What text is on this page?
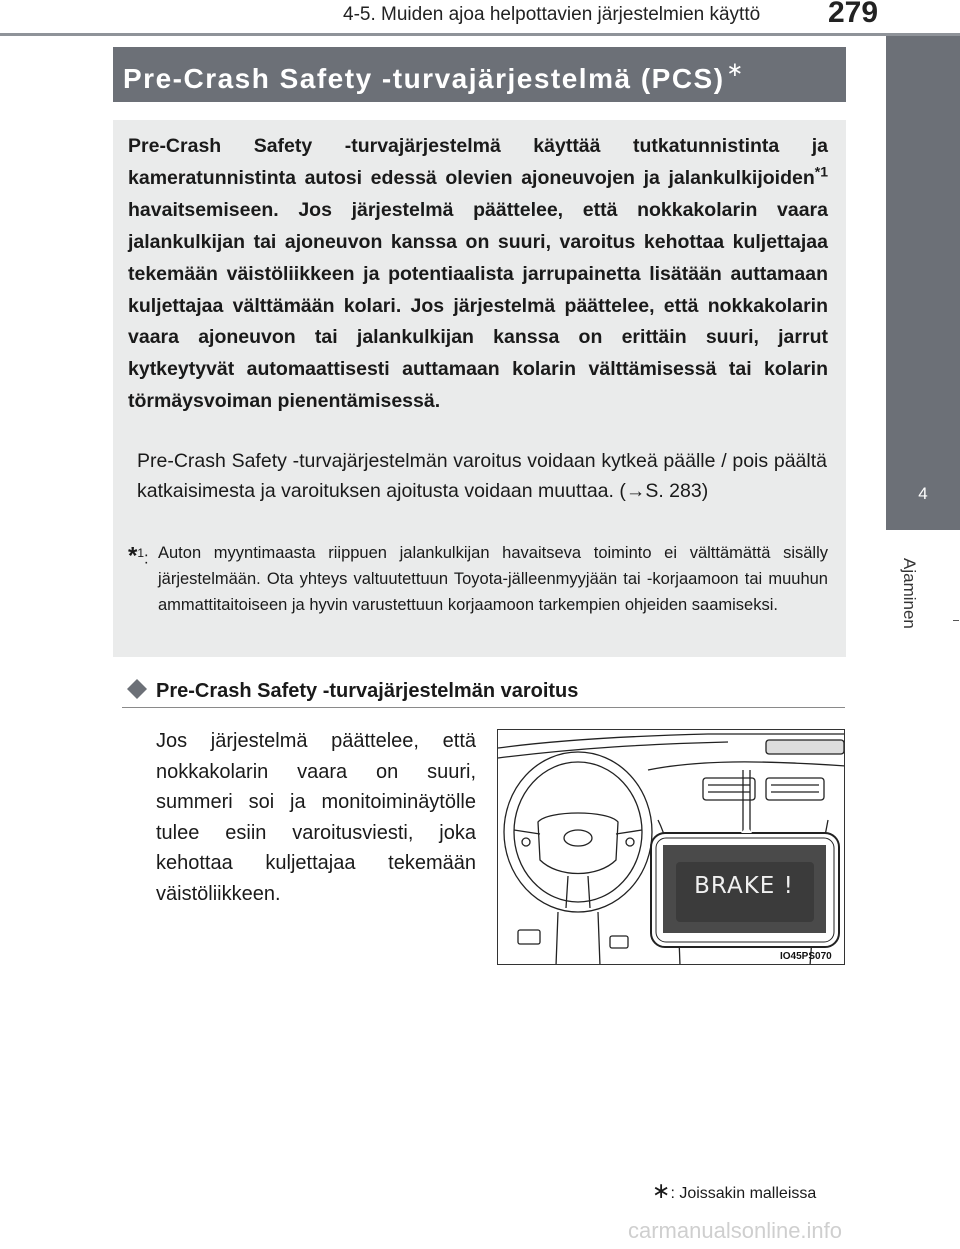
4-5. Muiden ajoa helpottavien järjestelmien käyttö 279
4
Ajaminen
Pre-Crash Safety -turvajärjestelmä (PCS) ∗
Pre-Crash Safety -turvajärjestelmä käyttää tutkatunnistinta ja kameratunnistinta autosi edessä olevien ajoneuvojen ja jalankulkijoiden$^{*1}$ havaitsemiseen. Jos järjestelmä päättelee, että nokkakolarin vaara jalankulkijan tai ajoneuvon kanssa on suuri, varoitus kehottaa kuljettajaa tekemään väistöliikkeen ja potentiaalista jarrupainetta lisätään auttamaan kuljettajaa välttämään kolari. Jos järjestelmä päättelee, että nokkakolarin vaara ajoneuvon tai jalankulkijan kanssa on erittäin suuri, jarrut kytkeytyvät automaattisesti auttamaan kolarin välttämisessä tai kolarin törmäysvoiman pienentämisessä.
Pre-Crash Safety -turvajärjestelmän varoitus voidaan kytkeä päälle / pois päältä katkaisimesta ja varoituksen ajoitusta voidaan muuttaa. (→S. 283)
*$^1$: Auton myyntimaasta riippuen jalankulkijan havaitseva toiminto ei välttämättä sisälly järjestelmään. Ota yhteys valtuutettuun Toyota-jälleenmyyjään tai -korjaamoon tai muuhun ammattitaitoiseen ja hyvin varustettuun korjaamoon tarkempien ohjeiden saamiseksi.
Pre-Crash Safety -turvajärjestelmän varoitus
Jos järjestelmä päättelee, että nokkakolarin vaara on suuri, summeri soi ja monitoiminäytölle tulee esiin varoitusviesti, joka kehottaa kuljettajaa tekemään väistöliikkeen.	BRAKE !
IO45PS070
∗: Joissakin malleissa
carmanualsonline.info
